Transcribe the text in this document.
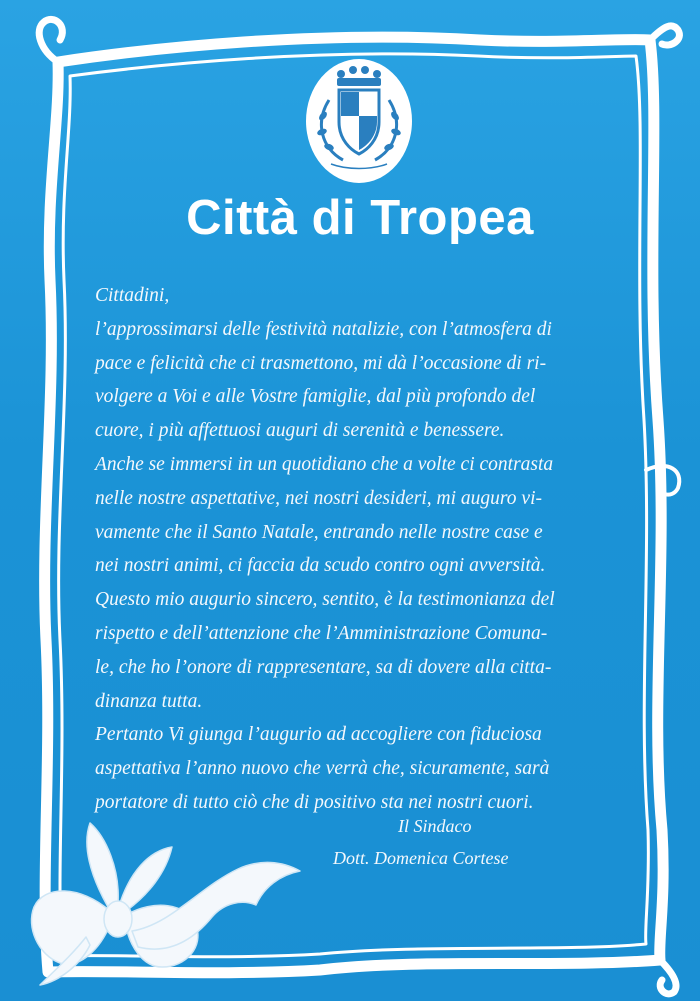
Città di Tropea
Cittadini,
l’approssimarsi delle festività natalizie, con l’atmosfera di
pace e felicità che ci trasmettono, mi dà l’occasione di ri-
volgere a Voi e alle Vostre famiglie, dal più profondo del
cuore, i più affettuosi auguri di serenità e benessere.
Anche se immersi in un quotidiano che a volte ci contrasta
nelle nostre aspettative, nei nostri desideri, mi auguro vi-
vamente che il Santo Natale, entrando nelle nostre case e
nei nostri animi, ci faccia da scudo contro ogni avversità.
Questo mio augurio sincero, sentito, è la testimonianza del
rispetto e dell’attenzione che l’Amministrazione Comuna-
le, che ho l’onore di rappresentare, sa di dovere alla citta-
dinanza tutta.
Pertanto Vi giunga l’augurio ad accogliere con fiduciosa
aspettativa l’anno nuovo che verrà che, sicuramente, sarà
portatore di tutto ciò che di positivo sta nei nostri cuori.
Il Sindaco
Dott. Domenica Cortese
